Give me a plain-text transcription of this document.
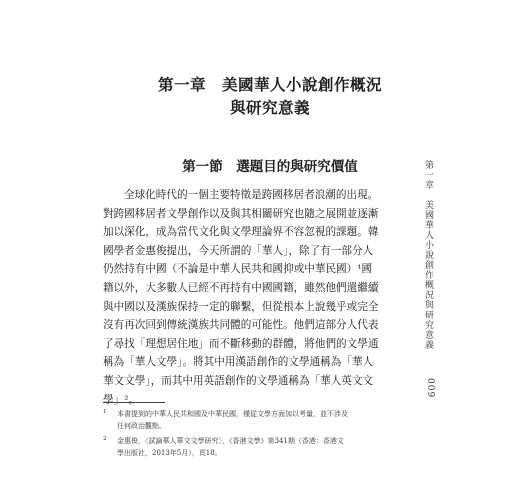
第一章　美國華人小說創作概況
與研究意義
第一節　選題目的與研究價值
全球化時代的一個主要特徵是跨國移居者浪潮的出現。
對跨國移居者文學創作以及與其相關研究也隨之展開並逐漸
加以深化，成為當代文化與文學理論界不容忽視的課題。韓
國學者金惠俊提出，今天所謂的「華人」，除了有一部分人
仍然持有中國（不論是中華人民共和國抑或中華民國）¹國
籍以外，大多數人已經不再持有中國國籍，雖然他們還繼續
與中國以及漢族保持一定的聯繫，但從根本上說幾乎或完全
沒有再次回到傳統漢族共同體的可能性。他們這部分人代表
了尋找「理想居住地」而不斷移動的群體，將他們的文學通
稱為「華人文學」。將其中用漢語創作的文學通稱為「華人
華文文學」，而其中用英語創作的文學通稱為「華人英文文
學」²。
1 本書提到的中華人民共和國及中華民國，僅從文學方面加以考量，並不涉及
任何政治觀點。
2 金惠俊，〈試論華人華文文學研究〉，《香港文學》第341期（香港：香港文
學出版社，2013年5月），頁18。
第一章　美國華人小說創作概況與研究意義
009
